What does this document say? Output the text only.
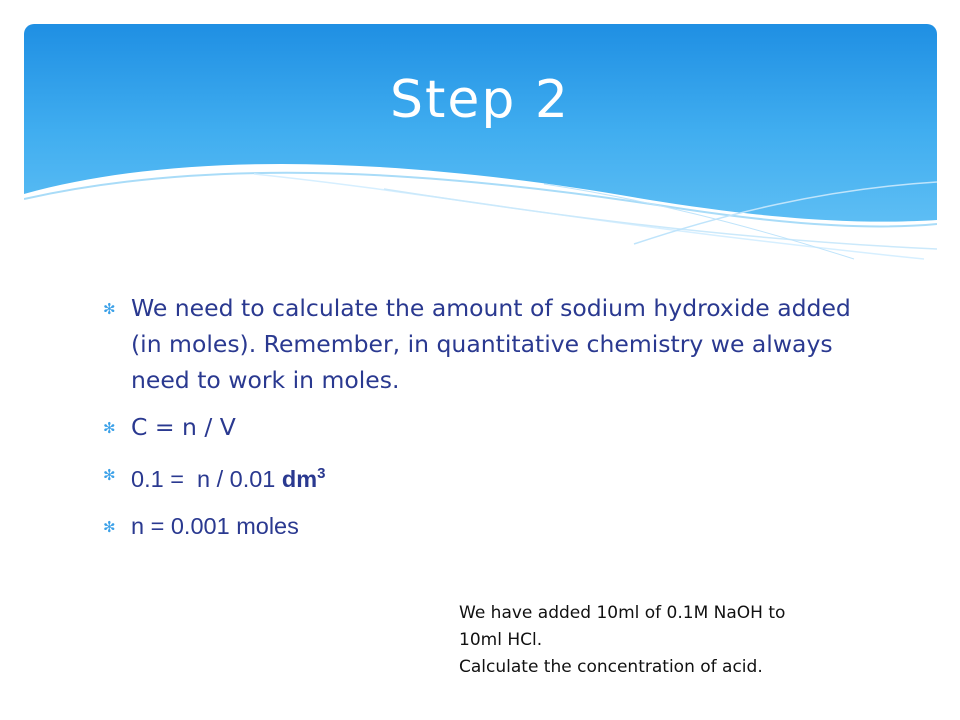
Step 2
✻ We need to calculate the amount of sodium hydroxide added (in moles). Remember, in quantitative chemistry we always need to work in moles.
✻ C = n / V
✻ 0.1 =  n / 0.01 $dm^3$
✻ n = 0.001 moles
We have added 10ml of 0.1M NaOH to
10ml HCl.
Calculate the concentration of acid.
